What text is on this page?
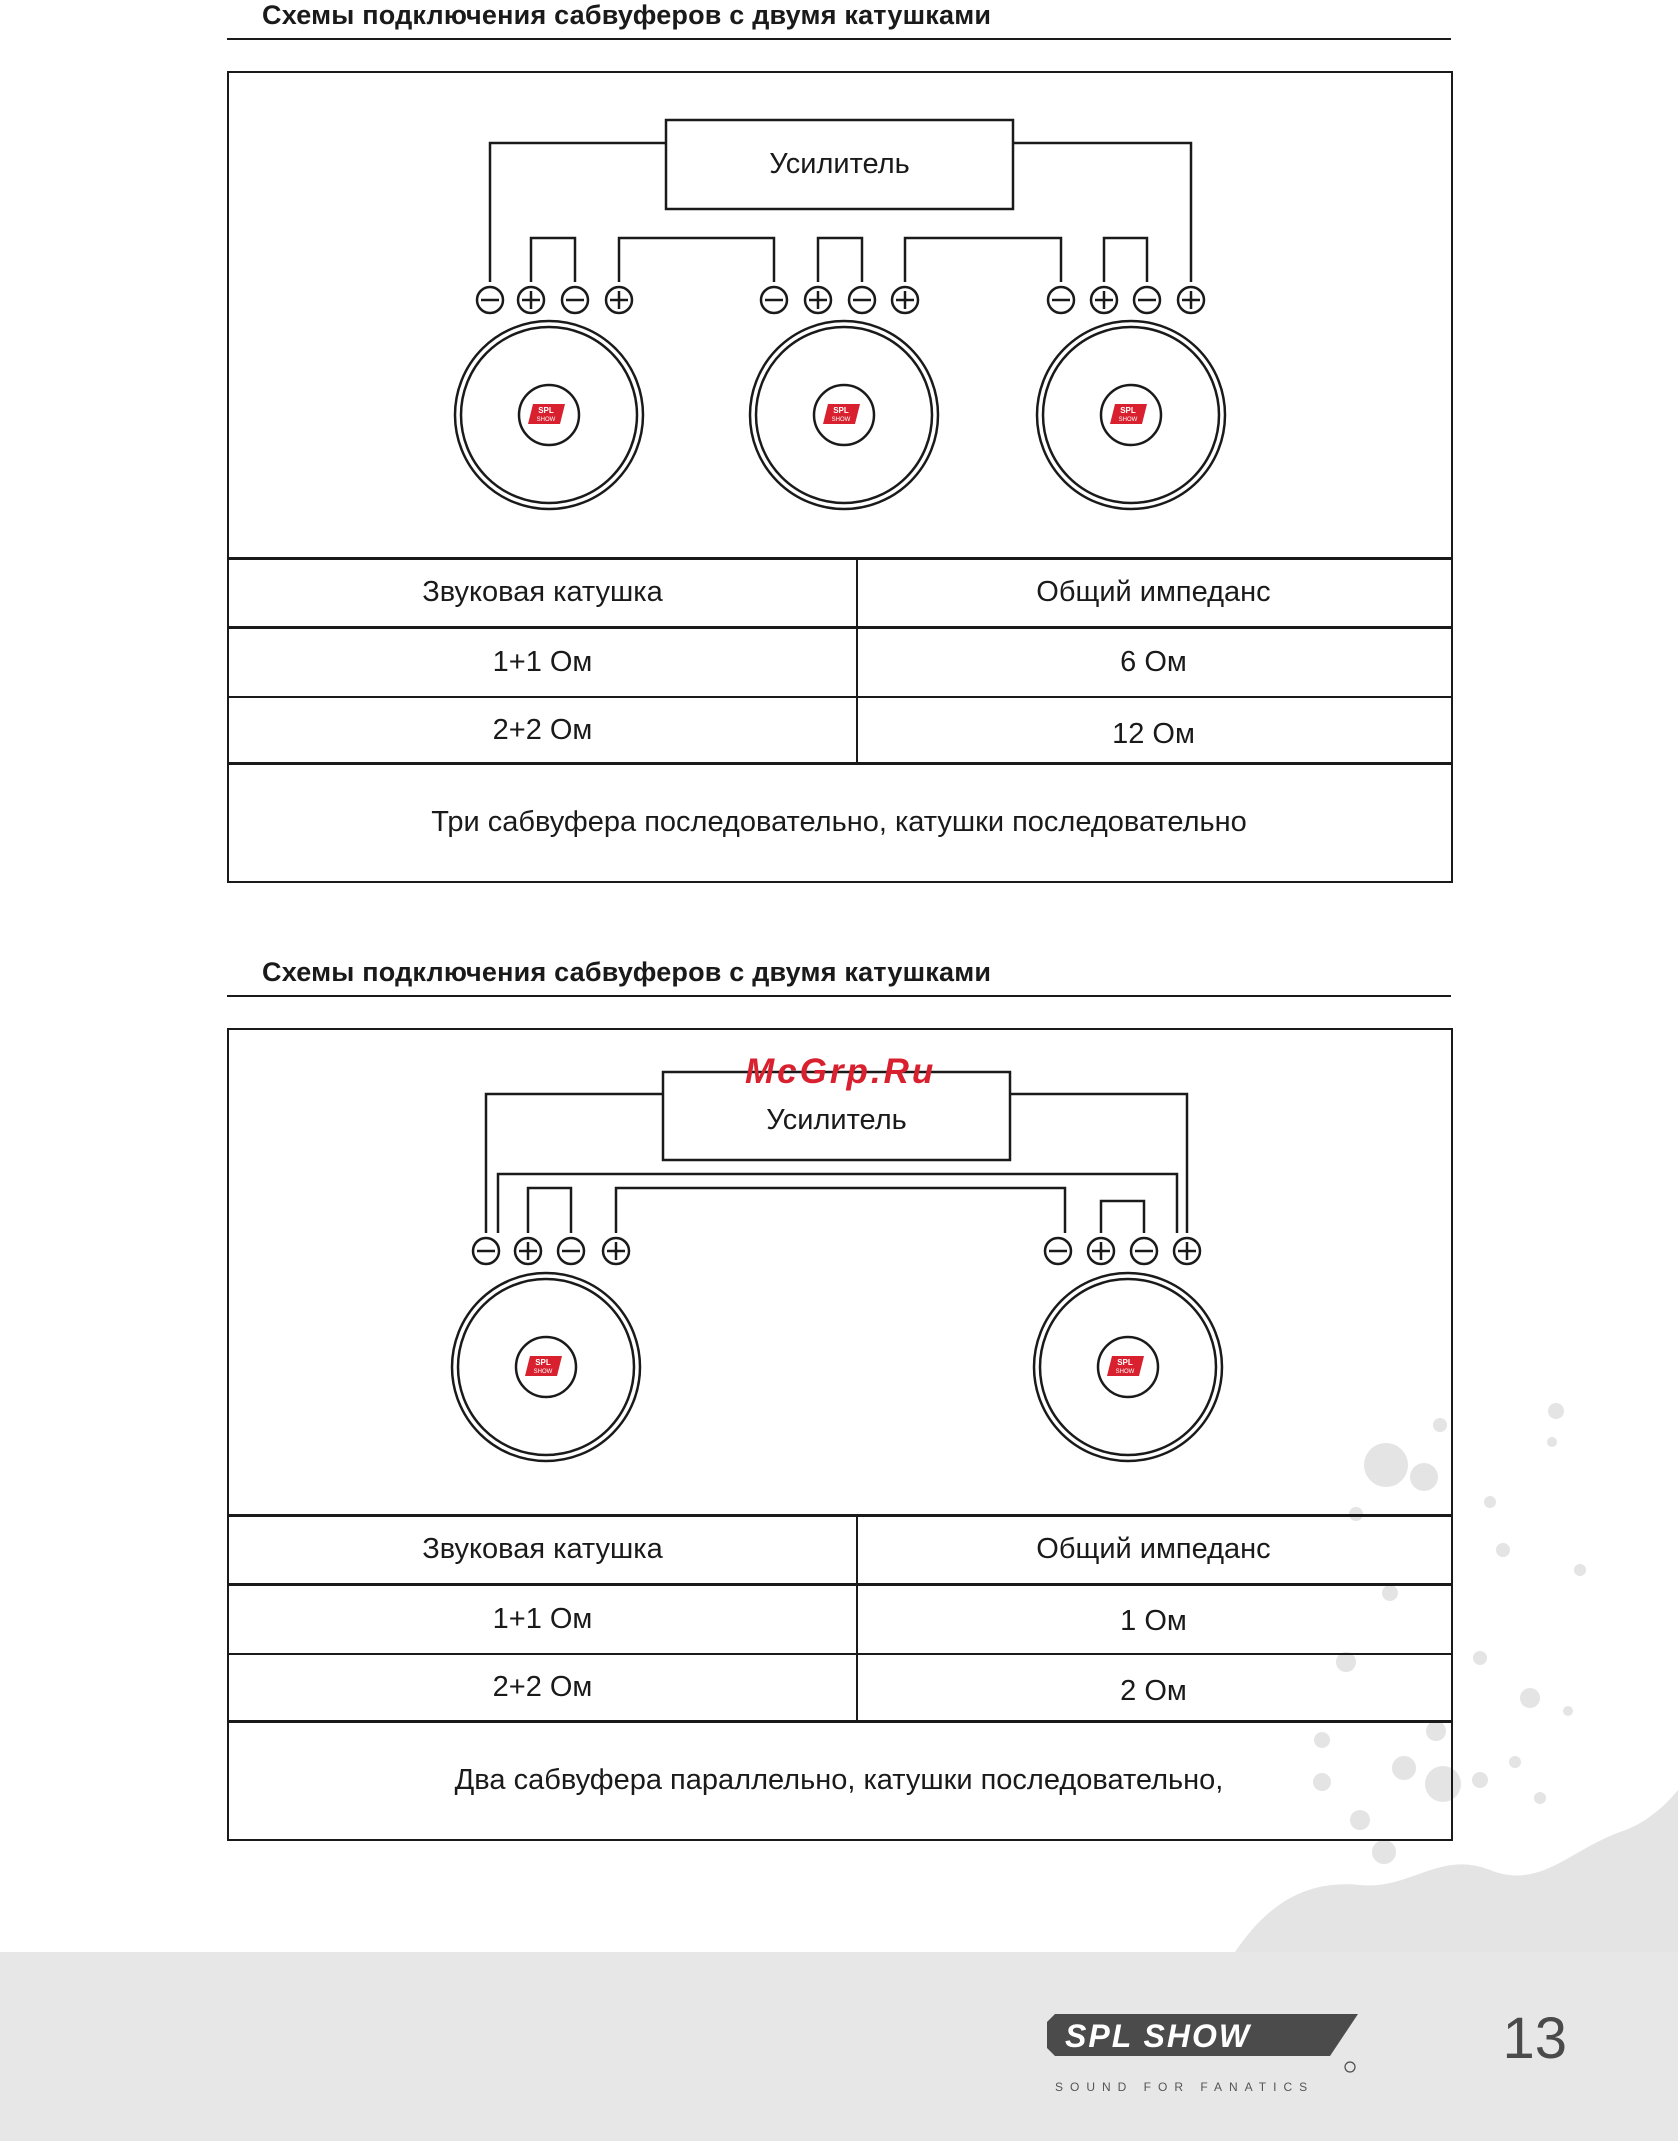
Схемы подключения сабвуферов с двумя катушками
SPL
SHOW
SPL
SHOW
SPL
SHOW
Усилитель
Звуковая катушка	Общий импеданс
1+1 Ом	6 Ом
2+2 Ом	12 Ом
Три сабвуфера последовательно, катушки последовательно
Схемы подключения сабвуферов с двумя катушками
SPL
SHOW
SPL
SHOW
Усилитель
Звуковая катушка	Общий импеданс
1+1 Ом	1 Ом
2+2 Ом	2 Ом
Два сабвуфера параллельно, катушки последовательно,
McGrp.Ru
SPL SHOW
SOUND FOR FANATICS
13
